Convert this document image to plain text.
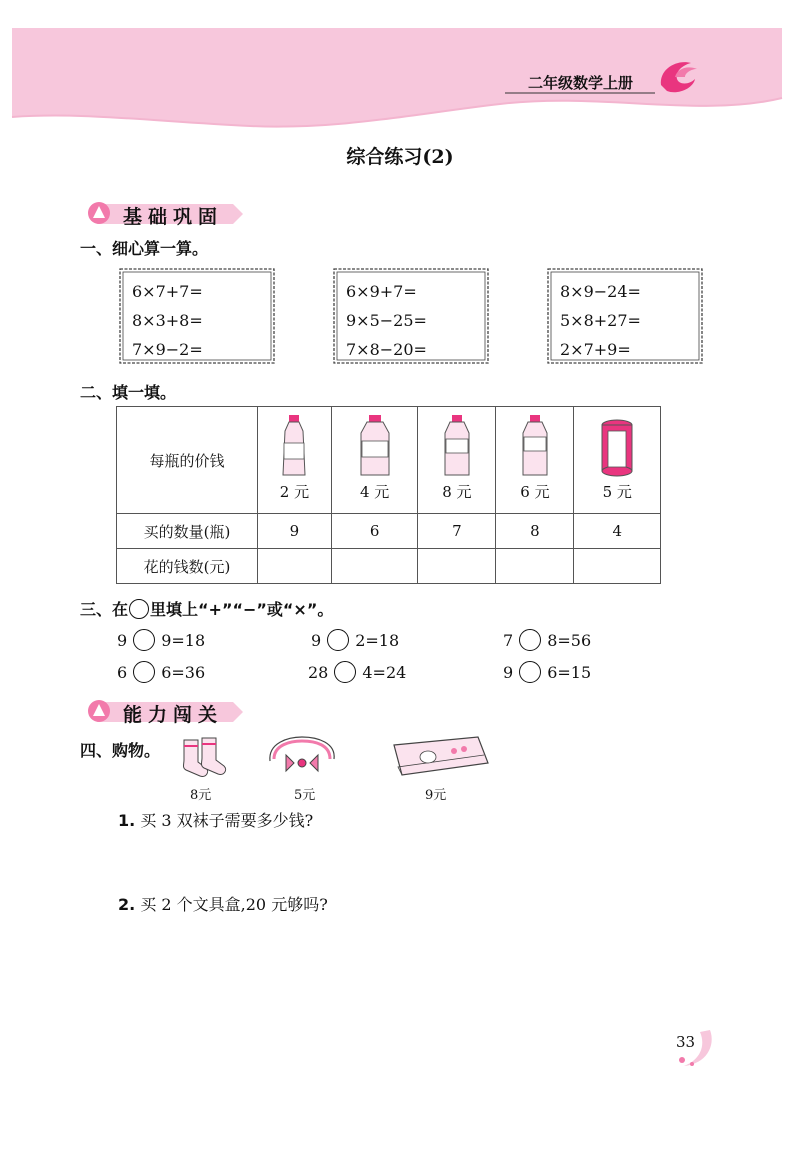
二年级数学上册
综合练习(2)
基础巩固
一、细心算一算。
6×7+7=
8×3+8=
7×9−2=
6×9+7=
9×5−25=
7×8−20=
8×9−24=
5×8+27=
2×7+9=
二、填一填。
每瓶的价钱	2 元	4 元	8 元	6 元	5 元

买的数量(瓶)	9	6	7	8	4
花的钱数(元)					
三、在 里填上“+”“−”或“×”。
9 9=18	9 2=18	7 8=56
6 6=36	28 4=24	9 6=15
能力闯关
四、购物。
8元	5元	9元
1. 买 3 双袜子需要多少钱?
2. 买 2 个文具盒,20 元够吗?
33
